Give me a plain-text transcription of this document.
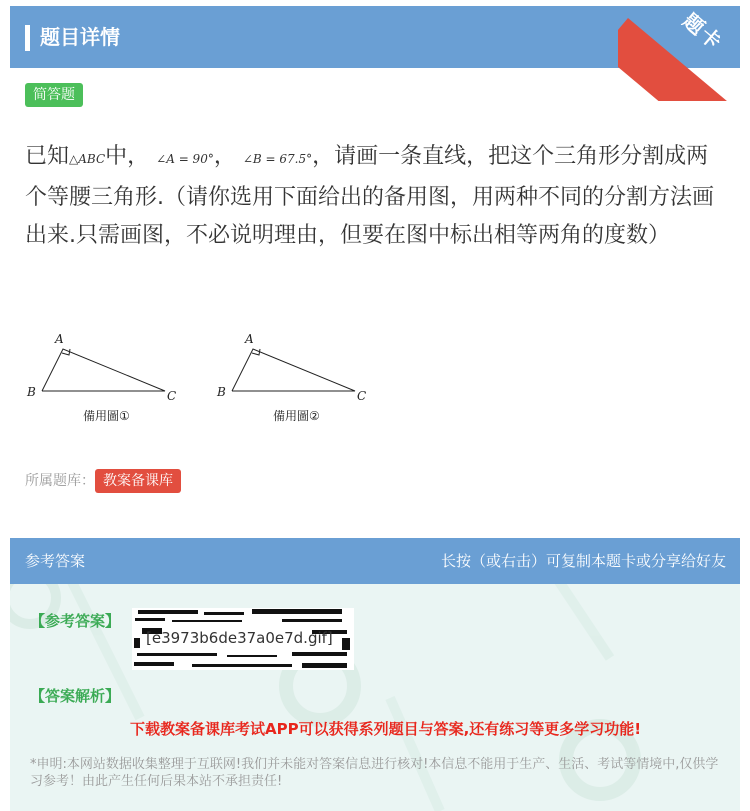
题目详情	题卡
简答题
已知△ABC中， ∠A = 90°， ∠B = 67.5°，请画一条直线，把这个三角形分割成两个等腰三角形.（请你选用下面给出的备用图，用两种不同的分割方法画出来.只需画图，不必说明理由，但要在图中标出相等两角的度数）
A
B	C
備用圖①
A
B	C
備用圖②
所属题库： 教案备课库
参考答案	长按（或右击）可复制本题卡或分享给好友
【参考答案】
[e3973b6de37a0e7d.gif]
【答案解析】
下载教案备课库考试APP可以获得系列题目与答案,还有练习等更多学习功能!
*申明:本网站数据收集整理于互联网!我们并未能对答案信息进行核对!本信息不能用于生产、生活、考试等情境中,仅供学习参考！由此产生任何后果本站不承担责任!
